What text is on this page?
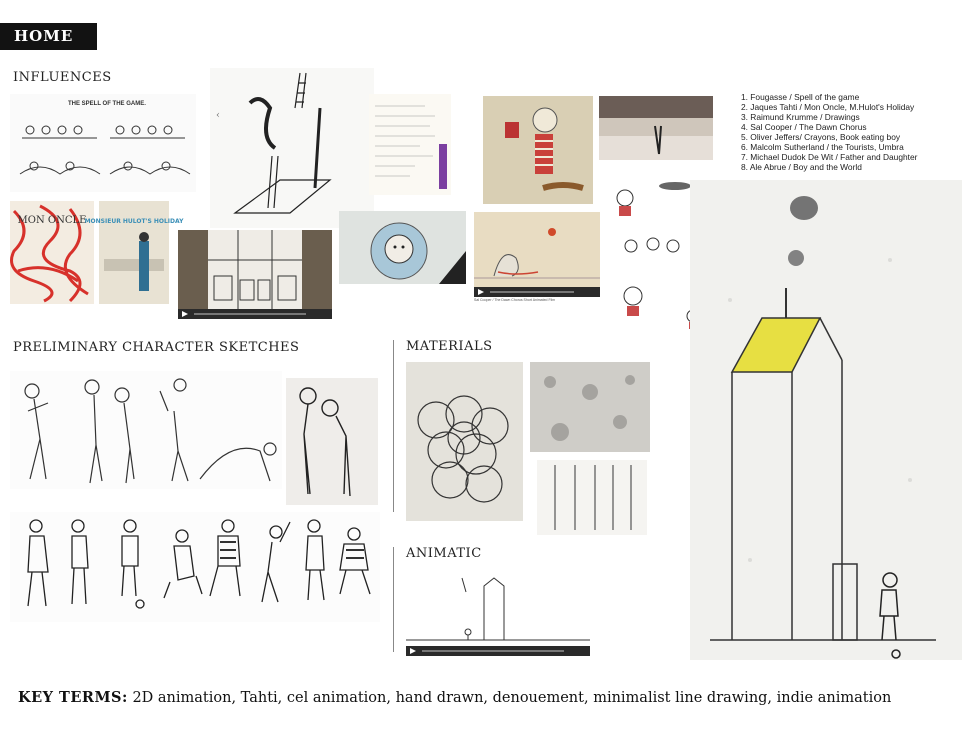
HOME
INFLUENCES
PRELIMINARY CHARACTER SKETCHES	MATERIALS
ANIMATIC
THE SPELL OF THE GAME.
MON ONCLE
MONSIEUR HULOT'S HOLIDAY
‹
Sal Cooper / The Dawn Chorus Short Animated Film
1. Fougasse / Spell of the game
2. Jaques Tahti / Mon Oncle, M.Hulot's Holiday
3. Raimund Krumme / Drawings
4. Sal Cooper / The Dawn Chorus
5. Oliver Jeffers/ Crayons, Book eating boy
6. Malcolm Sutherland / the Tourists, Umbra
7. Michael Dudok De Wit / Father and Daughter
8. Ale Abrue / Boy and the World
KEY TERMS: 2D animation, Tahti, cel animation, hand drawn, denouement, minimalist line drawing, indie animation
